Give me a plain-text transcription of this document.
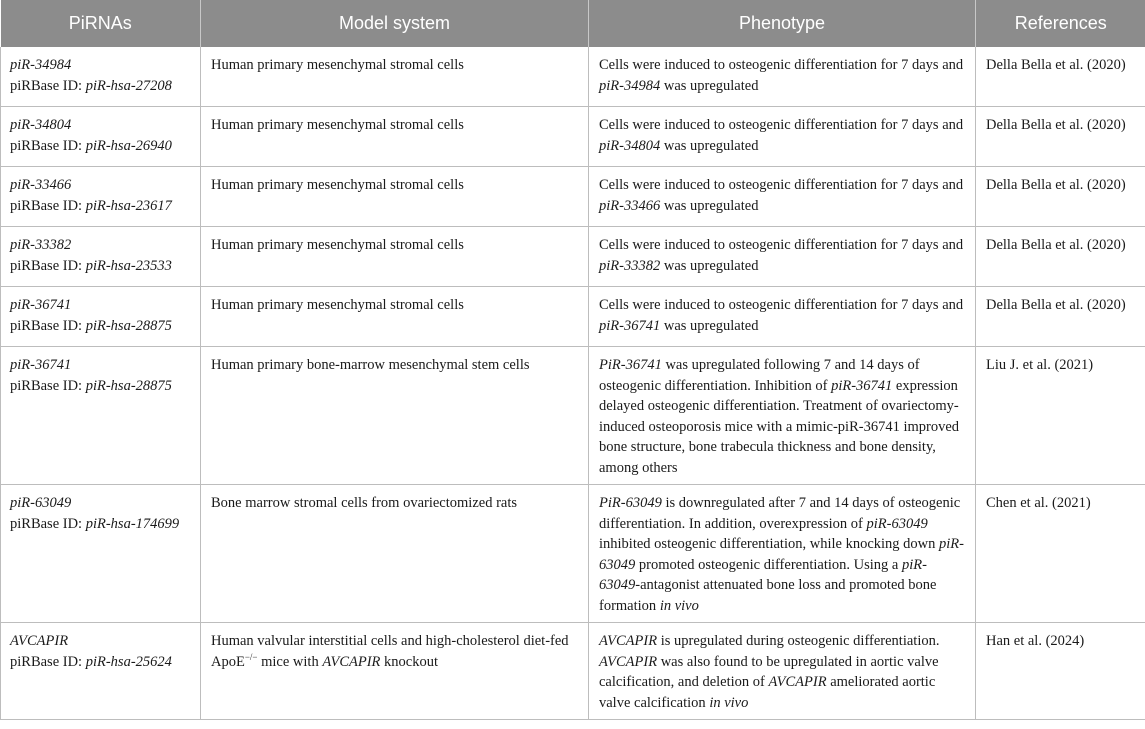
PiRNAs	Model system	Phenotype	References
piR-34984
piRBase ID: piR-hsa-27208	Human primary mesenchymal stromal cells	Cells were induced to osteogenic differentiation for 7 days and piR-34984 was upregulated	Della Bella et al. (2020)
piR-34804
piRBase ID: piR-hsa-26940	Human primary mesenchymal stromal cells	Cells were induced to osteogenic differentiation for 7 days and piR-34804 was upregulated	Della Bella et al. (2020)
piR-33466
piRBase ID: piR-hsa-23617	Human primary mesenchymal stromal cells	Cells were induced to osteogenic differentiation for 7 days and piR-33466 was upregulated	Della Bella et al. (2020)
piR-33382
piRBase ID: piR-hsa-23533	Human primary mesenchymal stromal cells	Cells were induced to osteogenic differentiation for 7 days and piR-33382 was upregulated	Della Bella et al. (2020)
piR-36741
piRBase ID: piR-hsa-28875	Human primary mesenchymal stromal cells	Cells were induced to osteogenic differentiation for 7 days and piR-36741 was upregulated	Della Bella et al. (2020)
piR-36741
piRBase ID: piR-hsa-28875	Human primary bone-marrow mesenchymal stem cells	PiR-36741 was upregulated following 7 and 14 days of osteogenic differentiation. Inhibition of piR-36741 expression delayed osteogenic differentiation. Treatment of ovariectomy-induced osteoporosis mice with a mimic-piR-36741 improved bone structure, bone trabecula thickness and bone density, among others	Liu J. et al. (2021)
piR-63049
piRBase ID: piR-hsa-174699	Bone marrow stromal cells from ovariectomized rats	PiR-63049 is downregulated after 7 and 14 days of osteogenic differentiation. In addition, overexpression of piR-63049 inhibited osteogenic differentiation, while knocking down piR-63049 promoted osteogenic differentiation. Using a piR-63049-antagonist attenuated bone loss and promoted bone formation in vivo	Chen et al. (2021)
AVCAPIR
piRBase ID: piR-hsa-25624	Human valvular interstitial cells and high-cholesterol diet-fed ApoE−/− mice with AVCAPIR knockout	AVCAPIR is upregulated during osteogenic differentiation. AVCAPIR was also found to be upregulated in aortic valve calcification, and deletion of AVCAPIR ameliorated aortic valve calcification in vivo	Han et al. (2024)
